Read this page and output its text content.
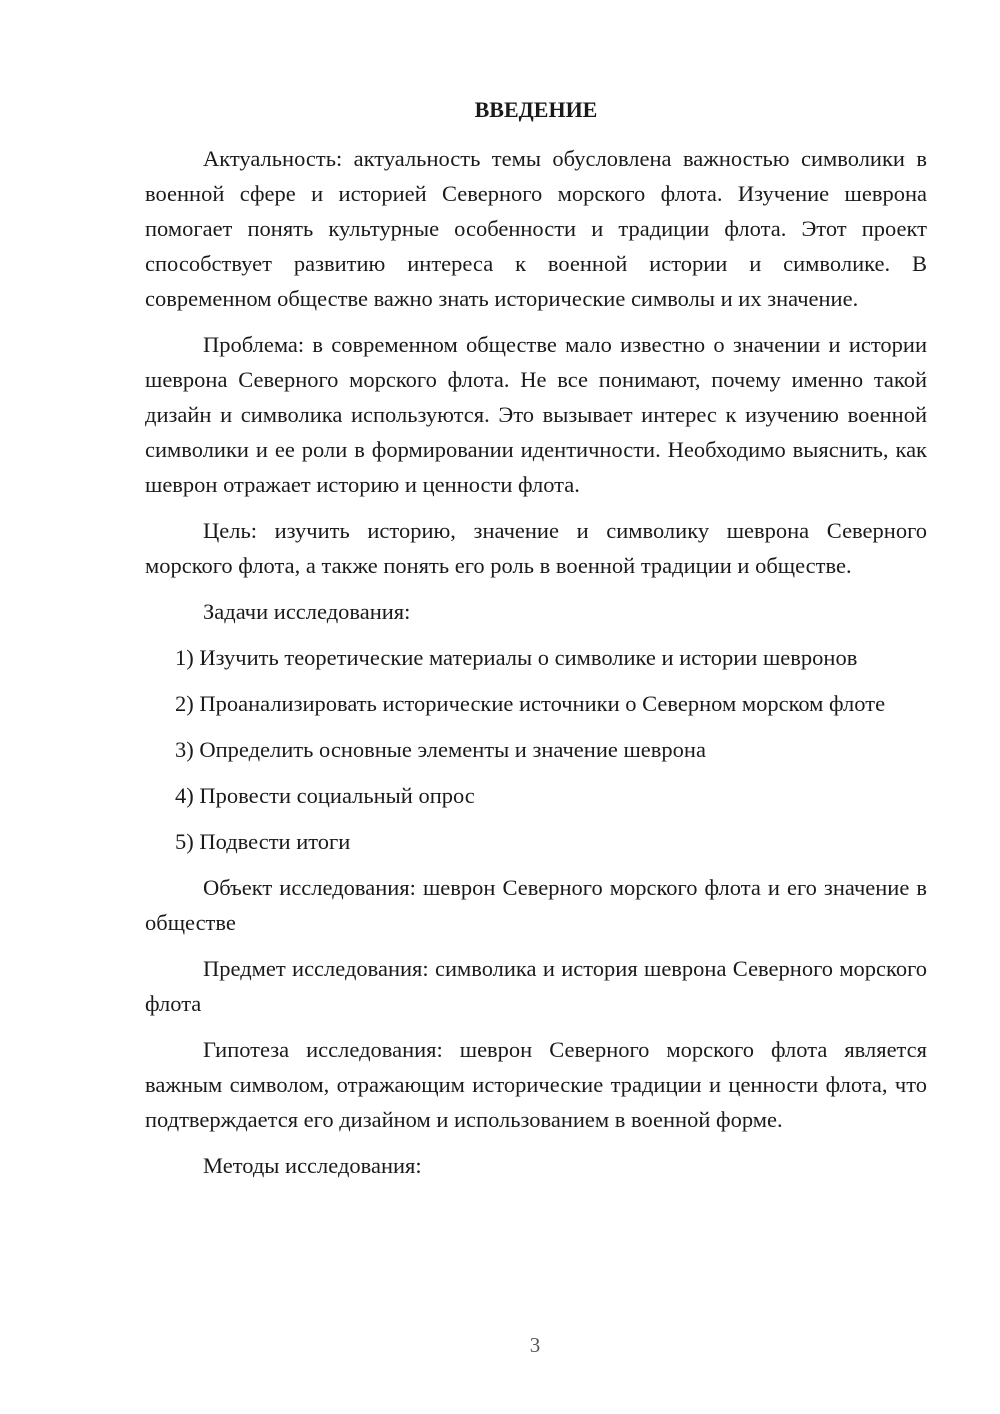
ВВЕДЕНИЕ

Актуальность: актуальность темы обусловлена важностью символики в военной сфере и историей Северного морского флота. Изучение шеврона помогает понять культурные особенности и традиции флота. Этот проект способствует развитию интереса к военной истории и символике. В современном обществе важно знать исторические символы и их значение.

Проблема: в современном обществе мало известно о значении и истории шеврона Северного морского флота. Не все понимают, почему именно такой дизайн и символика используются. Это вызывает интерес к изучению военной символики и ее роли в формировании идентичности. Необходимо выяснить, как шеврон отражает историю и ценности флота.

Цель: изучить историю, значение и символику шеврона Северного морского флота, а также понять его роль в военной традиции и обществе.

Задачи исследования:

1) Изучить теоретические материалы о символике и истории шевронов

2) Проанализировать исторические источники о Северном морском флоте

3) Определить основные элементы и значение шеврона

4) Провести социальный опрос

5) Подвести итоги

Объект исследования: шеврон Северного морского флота и его значение в обществе

Предмет исследования: символика и история шеврона Северного морского флота

Гипотеза исследования: шеврон Северного морского флота является важным символом, отражающим исторические традиции и ценности флота, что подтверждается его дизайном и использованием в военной форме.

Методы исследования:

3
